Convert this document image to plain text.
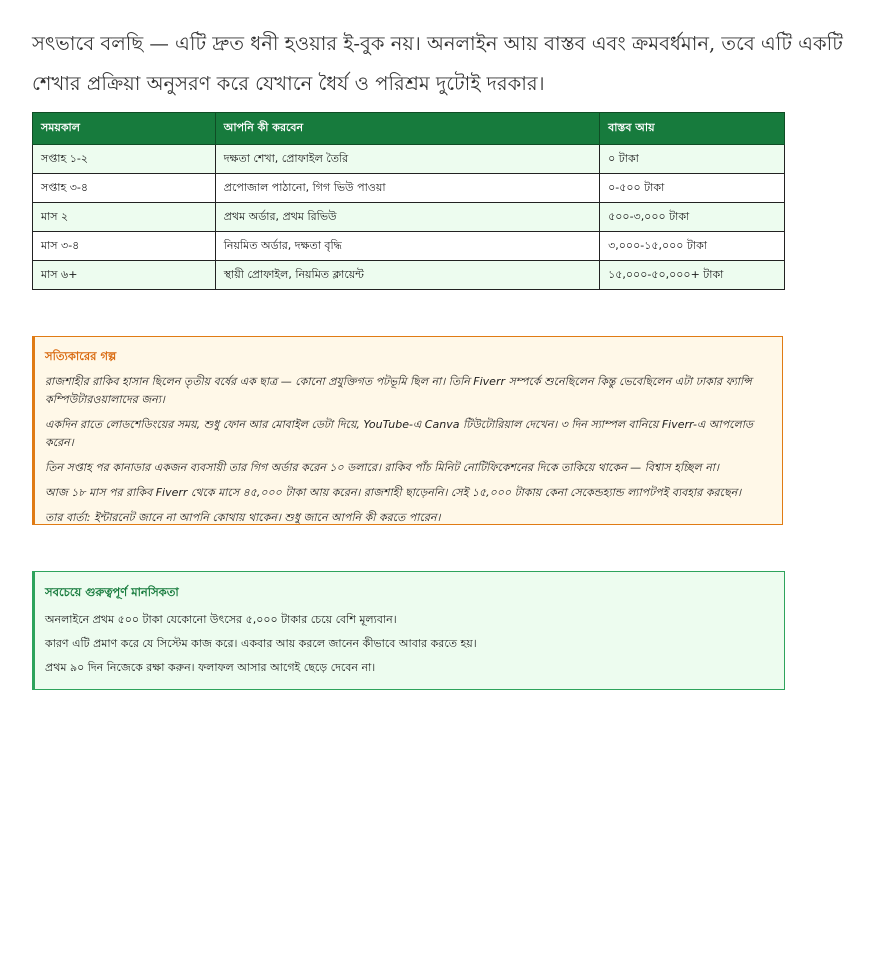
সৎভাবে বলছি — এটি দ্রুত ধনী হওয়ার ই-বুক নয়। অনলাইন আয় বাস্তব এবং ক্রমবর্ধমান, তবে এটি একটি শেখার প্রক্রিয়া অনুসরণ করে যেখানে ধৈর্য ও পরিশ্রম দুটোই দরকার।

সময়কাল	আপনি কী করবেন	বাস্তব আয়
সপ্তাহ ১-২	দক্ষতা শেখা, প্রোফাইল তৈরি	০ টাকা
সপ্তাহ ৩-৪	প্রপোজাল পাঠানো, গিগ ভিউ পাওয়া	০-৫০০ টাকা
মাস ২	প্রথম অর্ডার, প্রথম রিভিউ	৫০০-৩,০০০ টাকা
মাস ৩-৪	নিয়মিত অর্ডার, দক্ষতা বৃদ্ধি	৩,০০০-১৫,০০০ টাকা
মাস ৬+	স্থায়ী প্রোফাইল, নিয়মিত ক্লায়েন্ট	১৫,০০০-৫০,০০০+ টাকা
সত্যিকারের গল্প

রাজশাহীর রাকিব হাসান ছিলেন তৃতীয় বর্ষের এক ছাত্র — কোনো প্রযুক্তিগত পটভূমি ছিল না। তিনি Fiverr সম্পর্কে শুনেছিলেন কিন্তু ভেবেছিলেন এটা ঢাকার ফ্যান্সি কম্পিউটারওয়ালাদের জন্য।

একদিন রাতে লোডশেডিংয়ের সময়, শুধু ফোন আর মোবাইল ডেটা দিয়ে, YouTube-এ Canva টিউটোরিয়াল দেখেন। ৩ দিন স্যাম্পল বানিয়ে Fiverr-এ আপলোড করেন।

তিন সপ্তাহ পর কানাডার একজন ব্যবসায়ী তার গিগ অর্ডার করেন ১০ ডলারে। রাকিব পাঁচ মিনিট নোটিফিকেশনের দিকে তাকিয়ে থাকেন — বিশ্বাস হচ্ছিল না।

আজ ১৮ মাস পর রাকিব Fiverr থেকে মাসে ৪৫,০০০ টাকা আয় করেন। রাজশাহী ছাড়েননি। সেই ১৫,০০০ টাকায় কেনা সেকেন্ডহ্যান্ড ল্যাপটপই ব্যবহার করছেন।

তার বার্তা: ইন্টারনেট জানে না আপনি কোথায় থাকেন। শুধু জানে আপনি কী করতে পারেন।

সবচেয়ে গুরুত্বপূর্ণ মানসিকতা

অনলাইনে প্রথম ৫০০ টাকা যেকোনো উৎসের ৫,০০০ টাকার চেয়ে বেশি মূল্যবান।

কারণ এটি প্রমাণ করে যে সিস্টেম কাজ করে। একবার আয় করলে জানেন কীভাবে আবার করতে হয়।

প্রথম ৯০ দিন নিজেকে রক্ষা করুন। ফলাফল আসার আগেই ছেড়ে দেবেন না।
